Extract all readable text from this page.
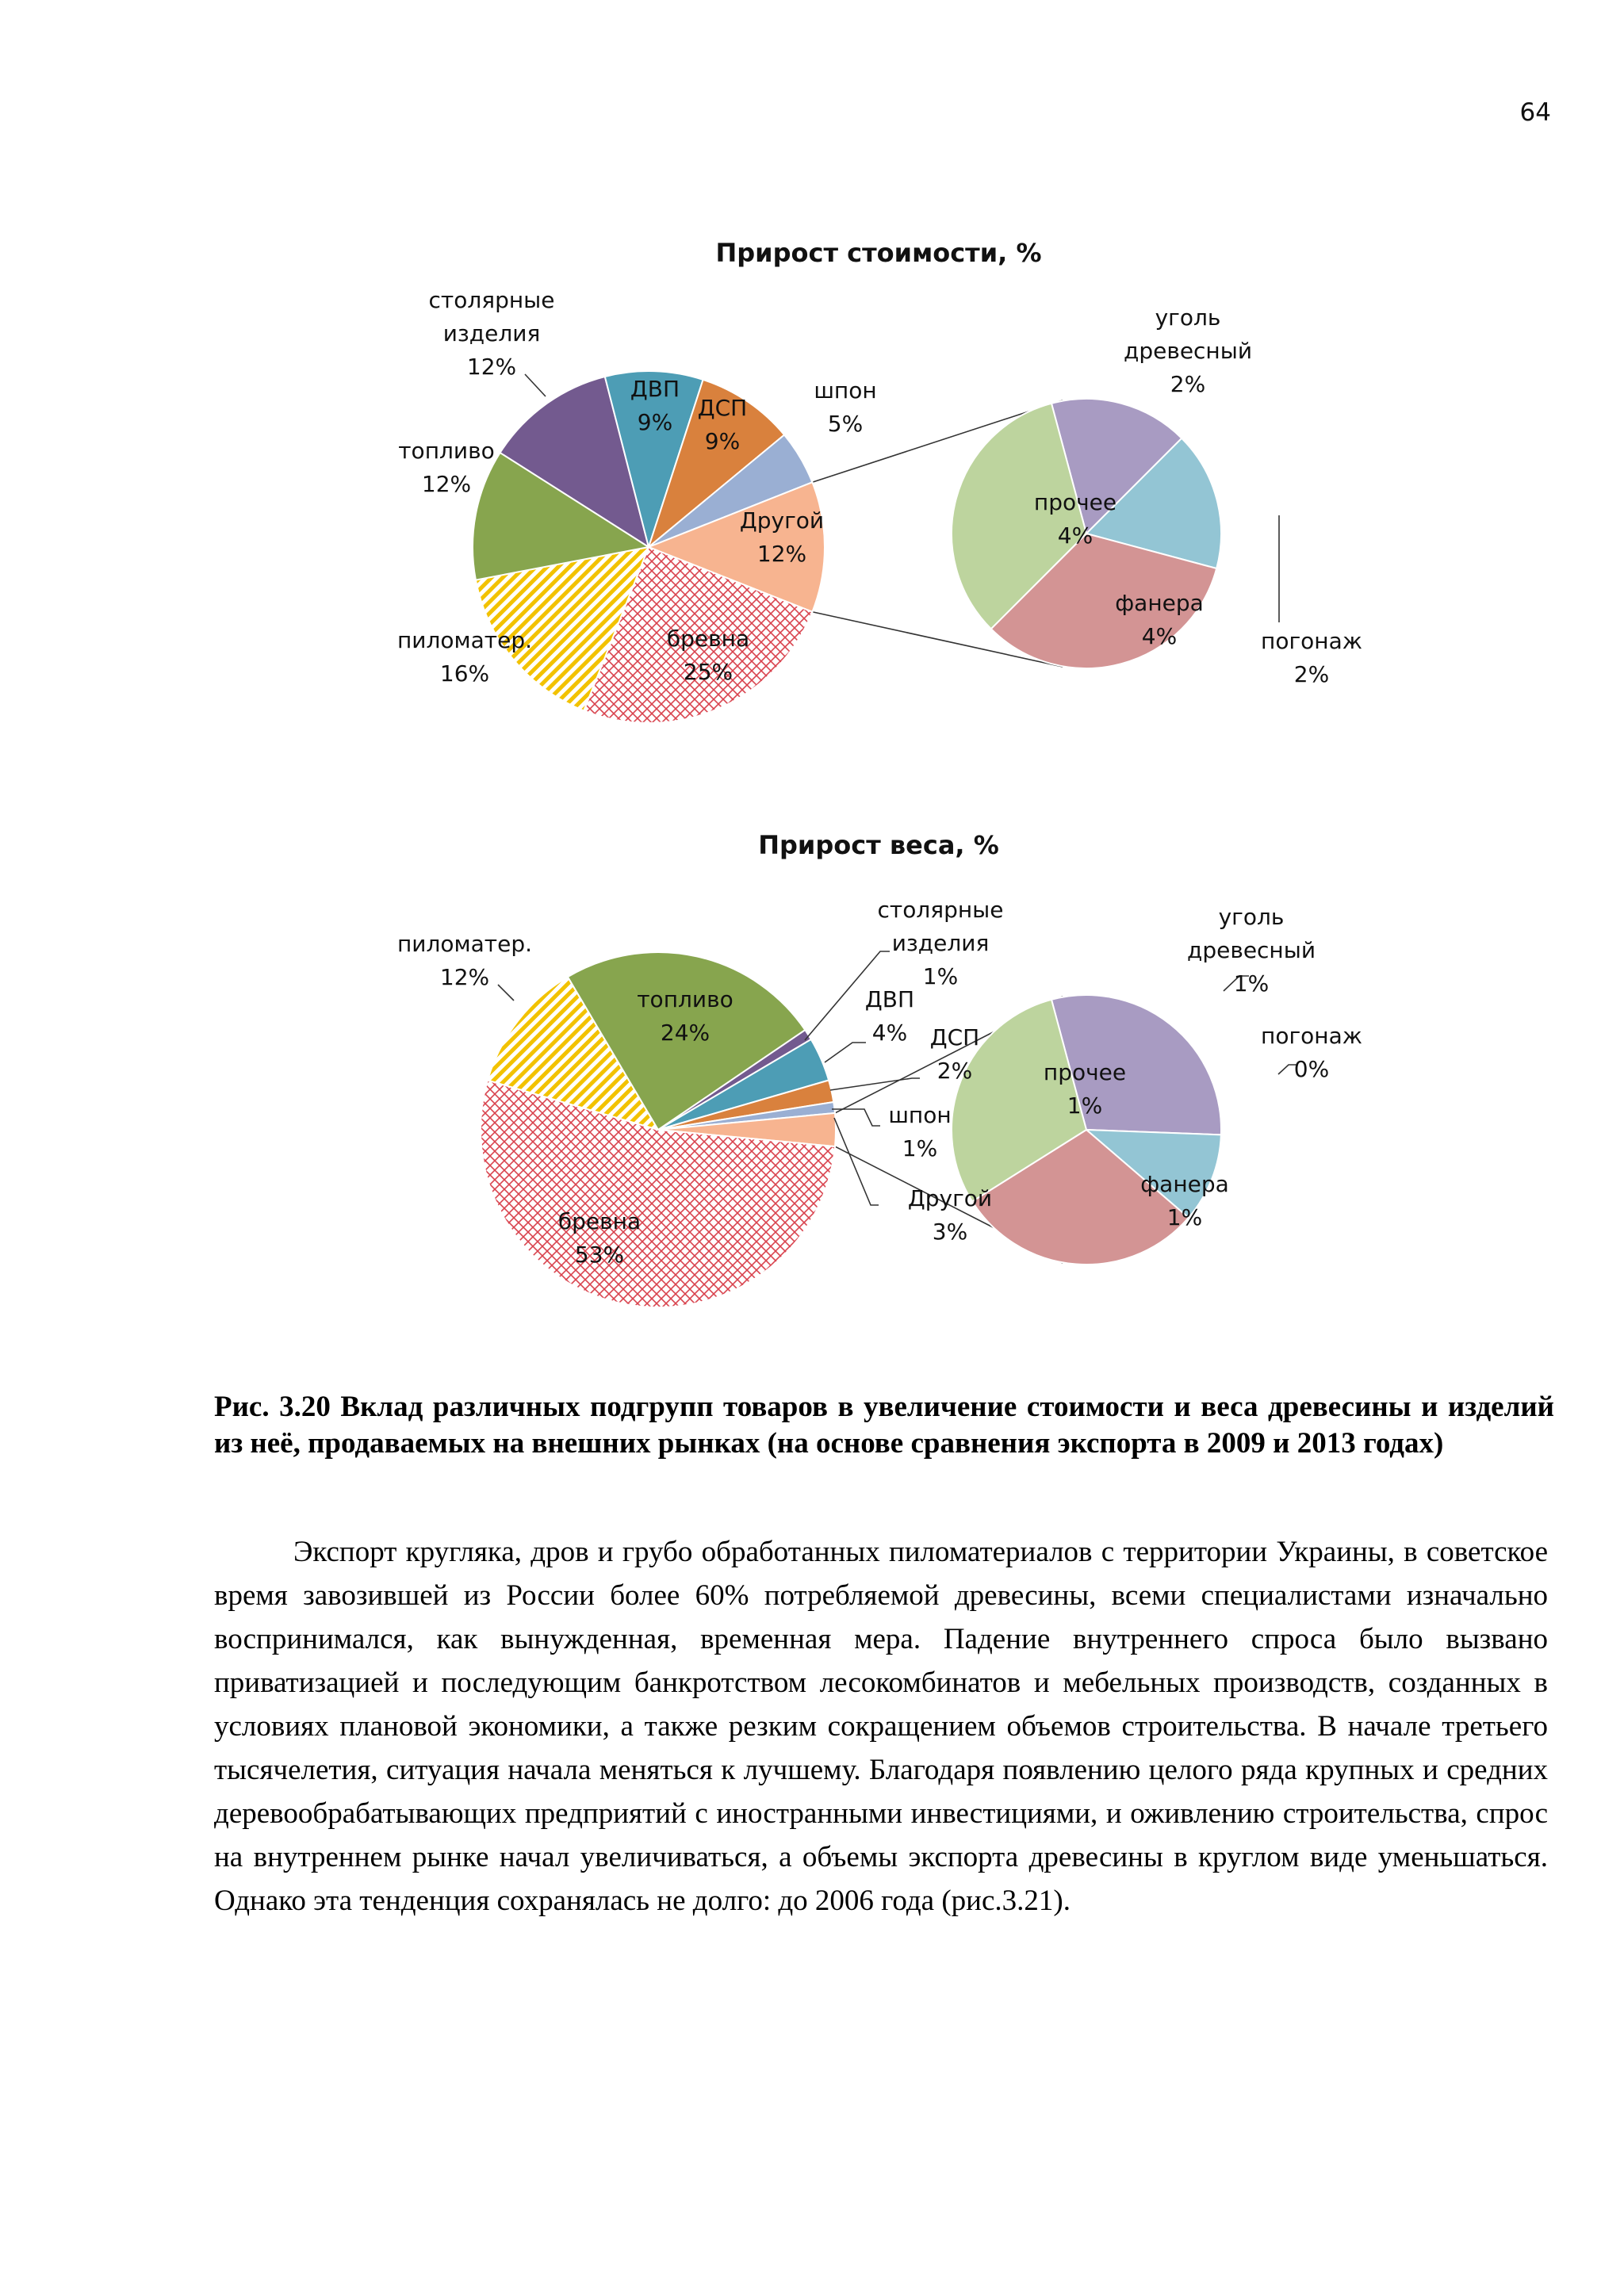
64
Прирост стоимости, %
столярные изделия 12%
ДВП 9%
ДСП 9%
шпон 5%
Другой 12%
бревна 25%
пиломатер. 16%
топливо 12%
уголь древесный 2%
погонаж 2%
фанера 4%
прочее 4%
Прирост веса, %
столярные изделия 1%
ДВП 4%	ДСП 2%
шпон 1%
Другой 3%
бревна 53%
пиломатер. 12%
топливо 24%
уголь древесный 1%
погонаж 0%
фанера 1%
прочее 1%

Рис. 3.20 Вклад различных подгрупп товаров в увеличение стоимости и веса древесины и изделий из неё, продаваемых на внешних рынках (на основе сравнения экспорта в 2009 и 2013 годах)

Экспорт кругляка, дров и грубо обработанных пиломатериалов с территории Украины, в советское время завозившей из России более 60% потребляемой древесины, всеми специалистами изначально воспринимался, как вынужденная, временная мера. Падение внутреннего спроса было вызвано приватизацией и последующим банкротством лесокомбинатов и мебельных производств, созданных в условиях плановой экономики, а также резким сокращением объемов строительства. В начале третьего тысячелетия, ситуация начала меняться к лучшему. Благодаря появлению целого ряда крупных и средних деревообрабатывающих предприятий с иностранными инвестициями, и оживлению строительства, спрос на внутреннем рынке начал увеличиваться, а объемы экспорта древесины в круглом виде уменьшаться. Однако эта тенденция сохранялась не долго: до 2006 года (рис.3.21).
